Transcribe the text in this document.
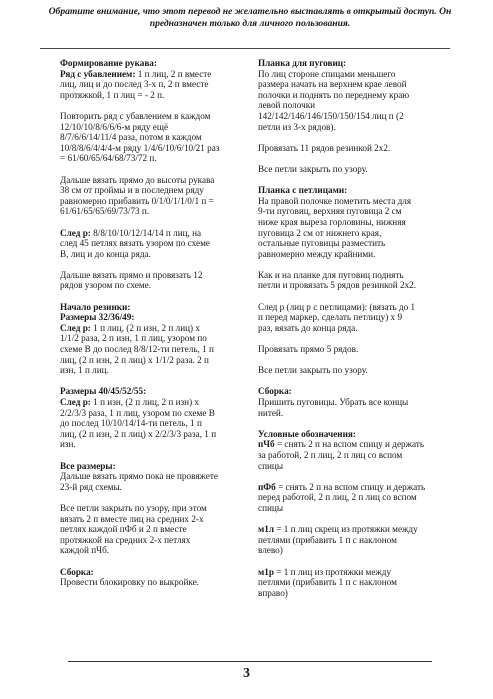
Обратите внимание, что этот перевод не желательно выставлять в открытый доступ. Он
предназначен только для личного пользования.
Формирование рукава:
Ряд с убавлением: 1 п лиц, 2 п вместе
лиц, лиц и до послед 3-х п, 2 п вместе
протяжкой, 1 п лиц = - 2 п.
Повторить ряд с убавлением в каждом
12/10/10/8/6/6/6-м ряду ещё
8/7/6/6/14/11/4 раза, потом в каждом
10/8/8/6/4/4/4-м ряду 1/4/6/10/6/10/21 раз
= 61/60/65/64/68/73/72 п.
Дальше вязать прямо до высоты рукава
38 см от проймы и в последнем ряду
равномерно прибавить 0/1/0/1/1/0/1 п =
61/61/65/65/69/73/73 п.
След р: 8/8/10/10/12/14/14 п лиц, на
след 45 петлях вязать узором по схеме
В, лиц и до конца ряда.
Дальше вязать прямо и провязать 12
рядов узором по схеме.
Начало резинки:
Размеры 32/36/49:
След р: 1 п лиц, (2 п изн, 2 п лиц) х
1/1/2 раза, 2 п изн, 1 п лиц, узором по
схеме В до послед 8/8/12-ти петель, 1 п
лиц, (2 п изн, 2 п лиц) х 1/1/2 раза. 2 п
изн, 1 п лиц.
Размеры 40/45/52/55:
След р: 1 п изн, (2 п лиц, 2 п изн) х
2/2/3/3 раза, 1 п лиц, узором по схеме В
до послед 10/10/14/14-ти петель, 1 п
лиц, (2 п изн, 2 п лиц) х 2/2/3/3 раза, 1 п
изн.
Все размеры:
Дальше вязать прямо пока не провяжете
23-й ряд схемы.
Все петли закрыть по узору, при этом
вязать 2 п вместе лиц на средних 2-х
петлях каждой пФб и 2 п вместе
протяжкой на средних 2-х петлях
каждой пЧб.
Сборка:
Провести блокировку по выкройке.
Планка для пуговиц:
По лиц стороне спицами меньшего
размера начать на верхнем крае левой
полочки и поднять по переднему краю
левой полочки
142/142/146/146/150/150/154 лиц п (2
петли из 3-х рядов).
Провязать 11 рядов резинкой 2х2.
Все петли закрыть по узору.
Планка с петлицами:
На правой полочке пометить места для
9-ти пуговиц, верхняя пуговица 2 см
ниже края выреза горловины, нижняя
пуговица 2 см от нижнего края,
остальные пуговицы разместить
равномерно между крайними.
Как и на планке для пуговиц поднять
петли и провязать 5 рядов резинкой 2х2.
След р (лиц р с петлицами): (вязать до 1
п перед маркер, сделать петлицу) х 9
раз, вязать до конца ряда.
Провязать прямо 5 рядов.
Все петли закрыть по узору.
Сборка:
Пришить пуговицы. Убрать все концы
нитей.
Условные обозначения:
пЧб = снять 2 п на вспом спицу и держать
за работой, 2 п лиц, 2 п лиц со вспом
спицы
пФб = снять 2 п на вспом спицу и держать
перед работой, 2 п лиц, 2 п лиц со вспом
спицы
м1л = 1 п лиц скрещ из протяжки между
петлями (прибавить 1 п с наклоном
влево)
м1р = 1 п лиц из протяжки между
петлями (прибавить 1 п с наклоном
вправо)
3
